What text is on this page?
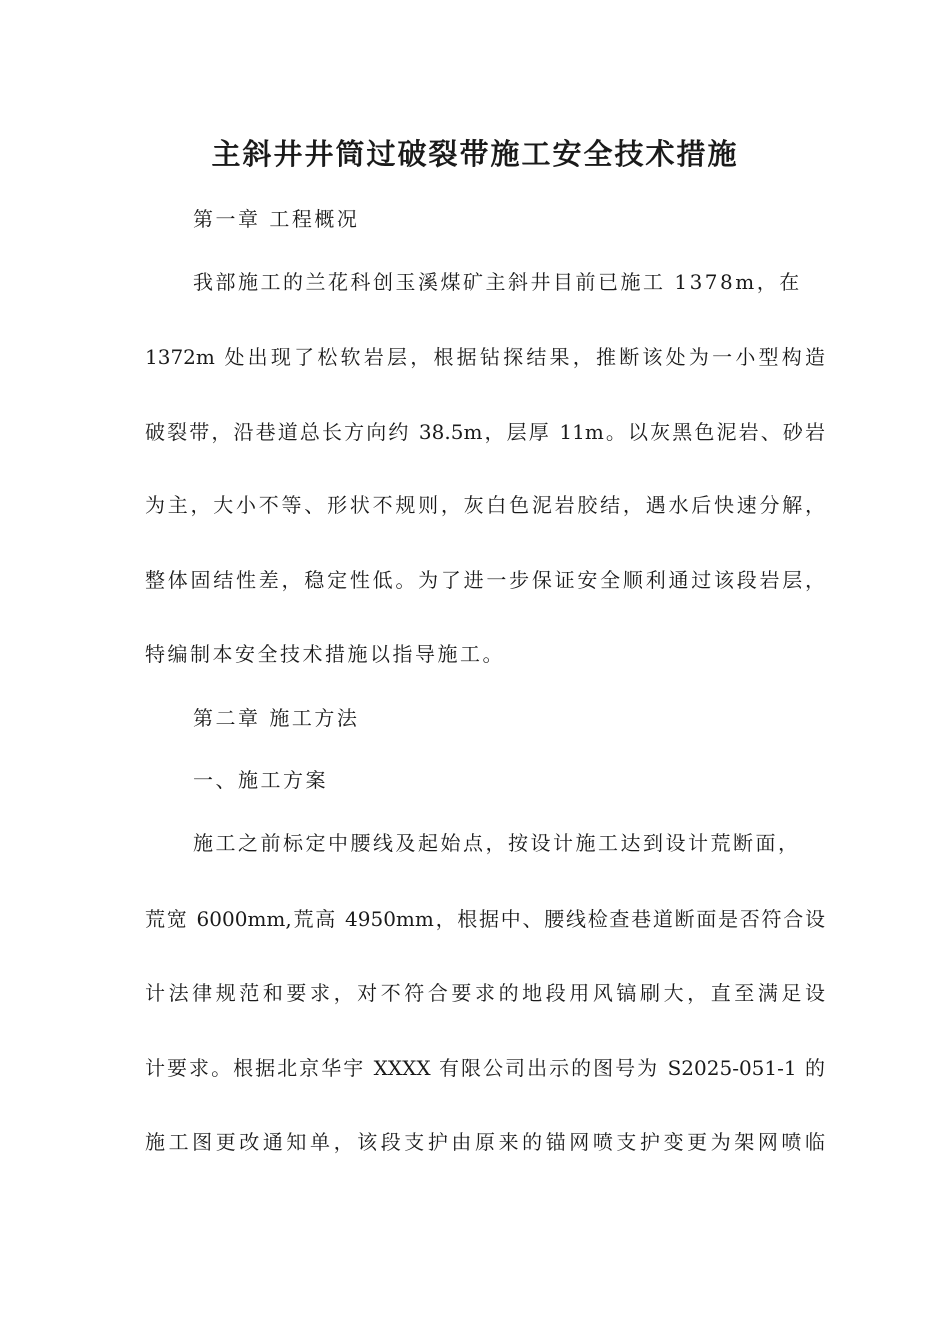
主斜井井筒过破裂带施工安全技术措施
第一章 工程概况
我部施工的兰花科创玉溪煤矿主斜井目前已施工 1378m，在
1372m 处出现了松软岩层，根据钻探结果，推断该处为一小型构造
破裂带，沿巷道总长方向约 38.5m，层厚 11m。以灰黑色泥岩、砂岩
为主，大小不等、形状不规则，灰白色泥岩胶结，遇水后快速分解，
整体固结性差，稳定性低。为了进一步保证安全顺利通过该段岩层，
特编制本安全技术措施以指导施工。
第二章 施工方法
一、施工方案
施工之前标定中腰线及起始点，按设计施工达到设计荒断面，
荒宽 6000mm,荒高 4950mm，根据中、腰线检查巷道断面是否符合设
计法律规范和要求，对不符合要求的地段用风镐刷大，直至满足设
计要求。根据北京华宇 XXXX 有限公司出示的图号为 S2025-051-1 的
施工图更改通知单，该段支护由原来的锚网喷支护变更为架网喷临
